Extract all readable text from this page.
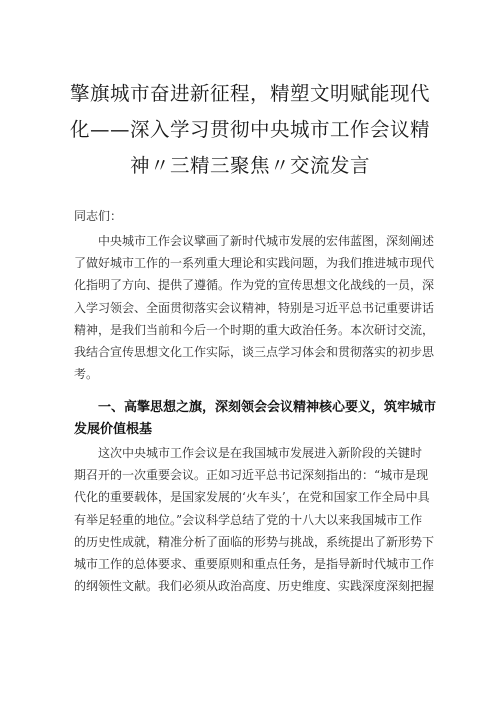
擎旗城市奋进新征程，精塑文明赋能现代
化——深入学习贯彻中央城市工作会议精
神〃三精三聚焦〃交流发言
同志们：
中央城市工作会议擘画了新时代城市发展的宏伟蓝图，深刻阐述
了做好城市工作的一系列重大理论和实践问题，为我们推进城市现代
化指明了方向、提供了遵循。作为党的宣传思想文化战线的一员，深
入学习领会、全面贯彻落实会议精神，特别是习近平总书记重要讲话
精神，是我们当前和今后一个时期的重大政治任务。本次研讨交流，
我结合宣传思想文化工作实际，谈三点学习体会和贯彻落实的初步思
考。
一、高擎思想之旗，深刻领会会议精神核心要义，筑牢城市
发展价值根基
这次中央城市工作会议是在我国城市发展进入新阶段的关键时
期召开的一次重要会议。正如习近平总书记深刻指出的：“城市是现
代化的重要载体，是国家发展的‘火车头’，在党和国家工作全局中具
有举足轻重的地位。”会议科学总结了党的十八大以来我国城市工作
的历史性成就，精准分析了面临的形势与挑战，系统提出了新形势下
城市工作的总体要求、重要原则和重点任务，是指导新时代城市工作
的纲领性文献。我们必须从政治高度、历史维度、实践深度深刻把握
